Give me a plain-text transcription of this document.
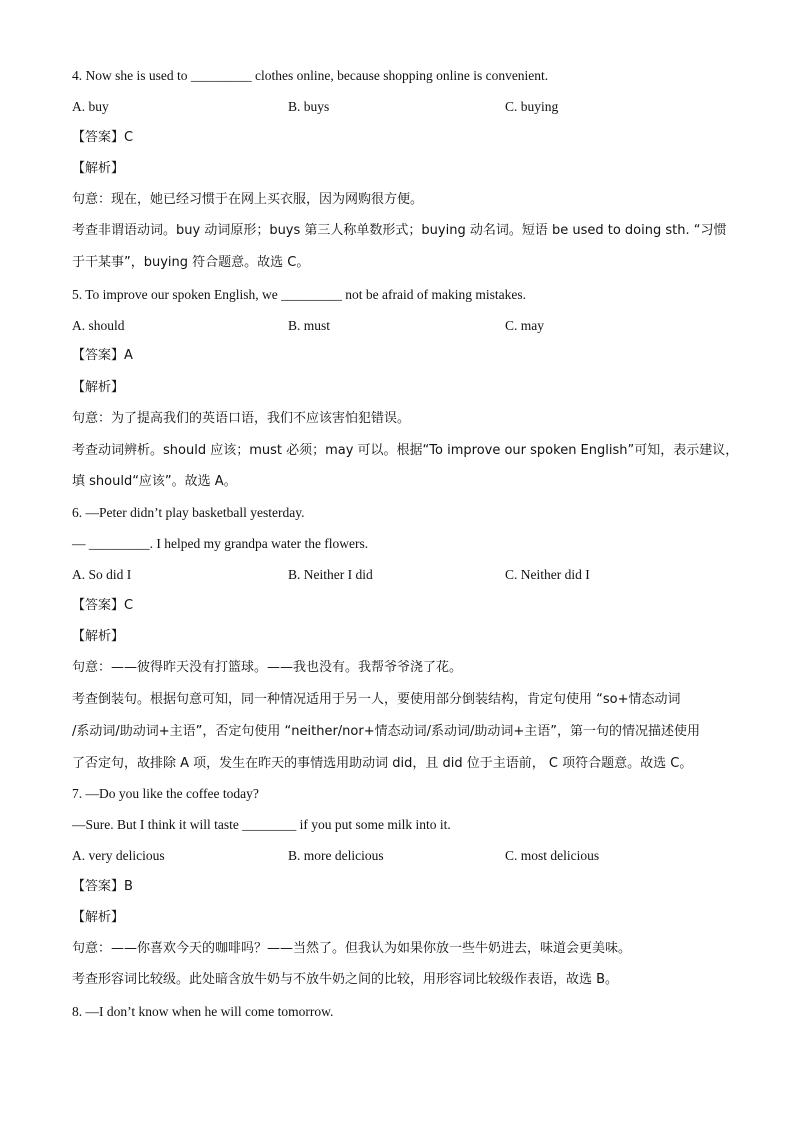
4. Now she is used to _________ clothes online, because shopping online is convenient.
A. buy	B. buys	C. buying
【答案】C
【解析】
句意：现在，她已经习惯于在网上买衣服，因为网购很方便。
考查非谓语动词。buy 动词原形；buys 第三人称单数形式；buying 动名词。短语 be used to doing sth. “习惯
于干某事”，buying 符合题意。故选 C。
5. To improve our spoken English, we _________ not be afraid of making mistakes.
A. should	B. must	C. may
【答案】A
【解析】
句意：为了提高我们的英语口语，我们不应该害怕犯错误。
考查动词辨析。should 应该；must 必须；may 可以。根据“To improve our spoken English”可知，表示建议，
填 should“应该”。故选 A。
6. —Peter didn’t play basketball yesterday.
— _________. I helped my grandpa water the flowers.
A. So did I	B. Neither I did	C. Neither did I
【答案】C
【解析】
句意：——彼得昨天没有打篮球。——我也没有。我帮爷爷浇了花。
考查倒装句。根据句意可知，同一种情况适用于另一人，要使用部分倒装结构，肯定句使用 “so+情态动词
/系动词/助动词+主语”，否定句使用 “neither/nor+情态动词/系动词/助动词+主语”，第一句的情况描述使用
了否定句，故排除 A 项，发生在昨天的事情选用助动词 did，且 did 位于主语前， C 项符合题意。故选 C。
7. —Do you like the coffee today?
—Sure. But I think it will taste ________ if you put some milk into it.
A. very delicious	B. more delicious	C. most delicious
【答案】B
【解析】
句意：——你喜欢今天的咖啡吗？——当然了。但我认为如果你放一些牛奶进去，味道会更美味。
考查形容词比较级。此处暗含放牛奶与不放牛奶之间的比较，用形容词比较级作表语，故选 B。
8. —I don’t know when he will come tomorrow.
